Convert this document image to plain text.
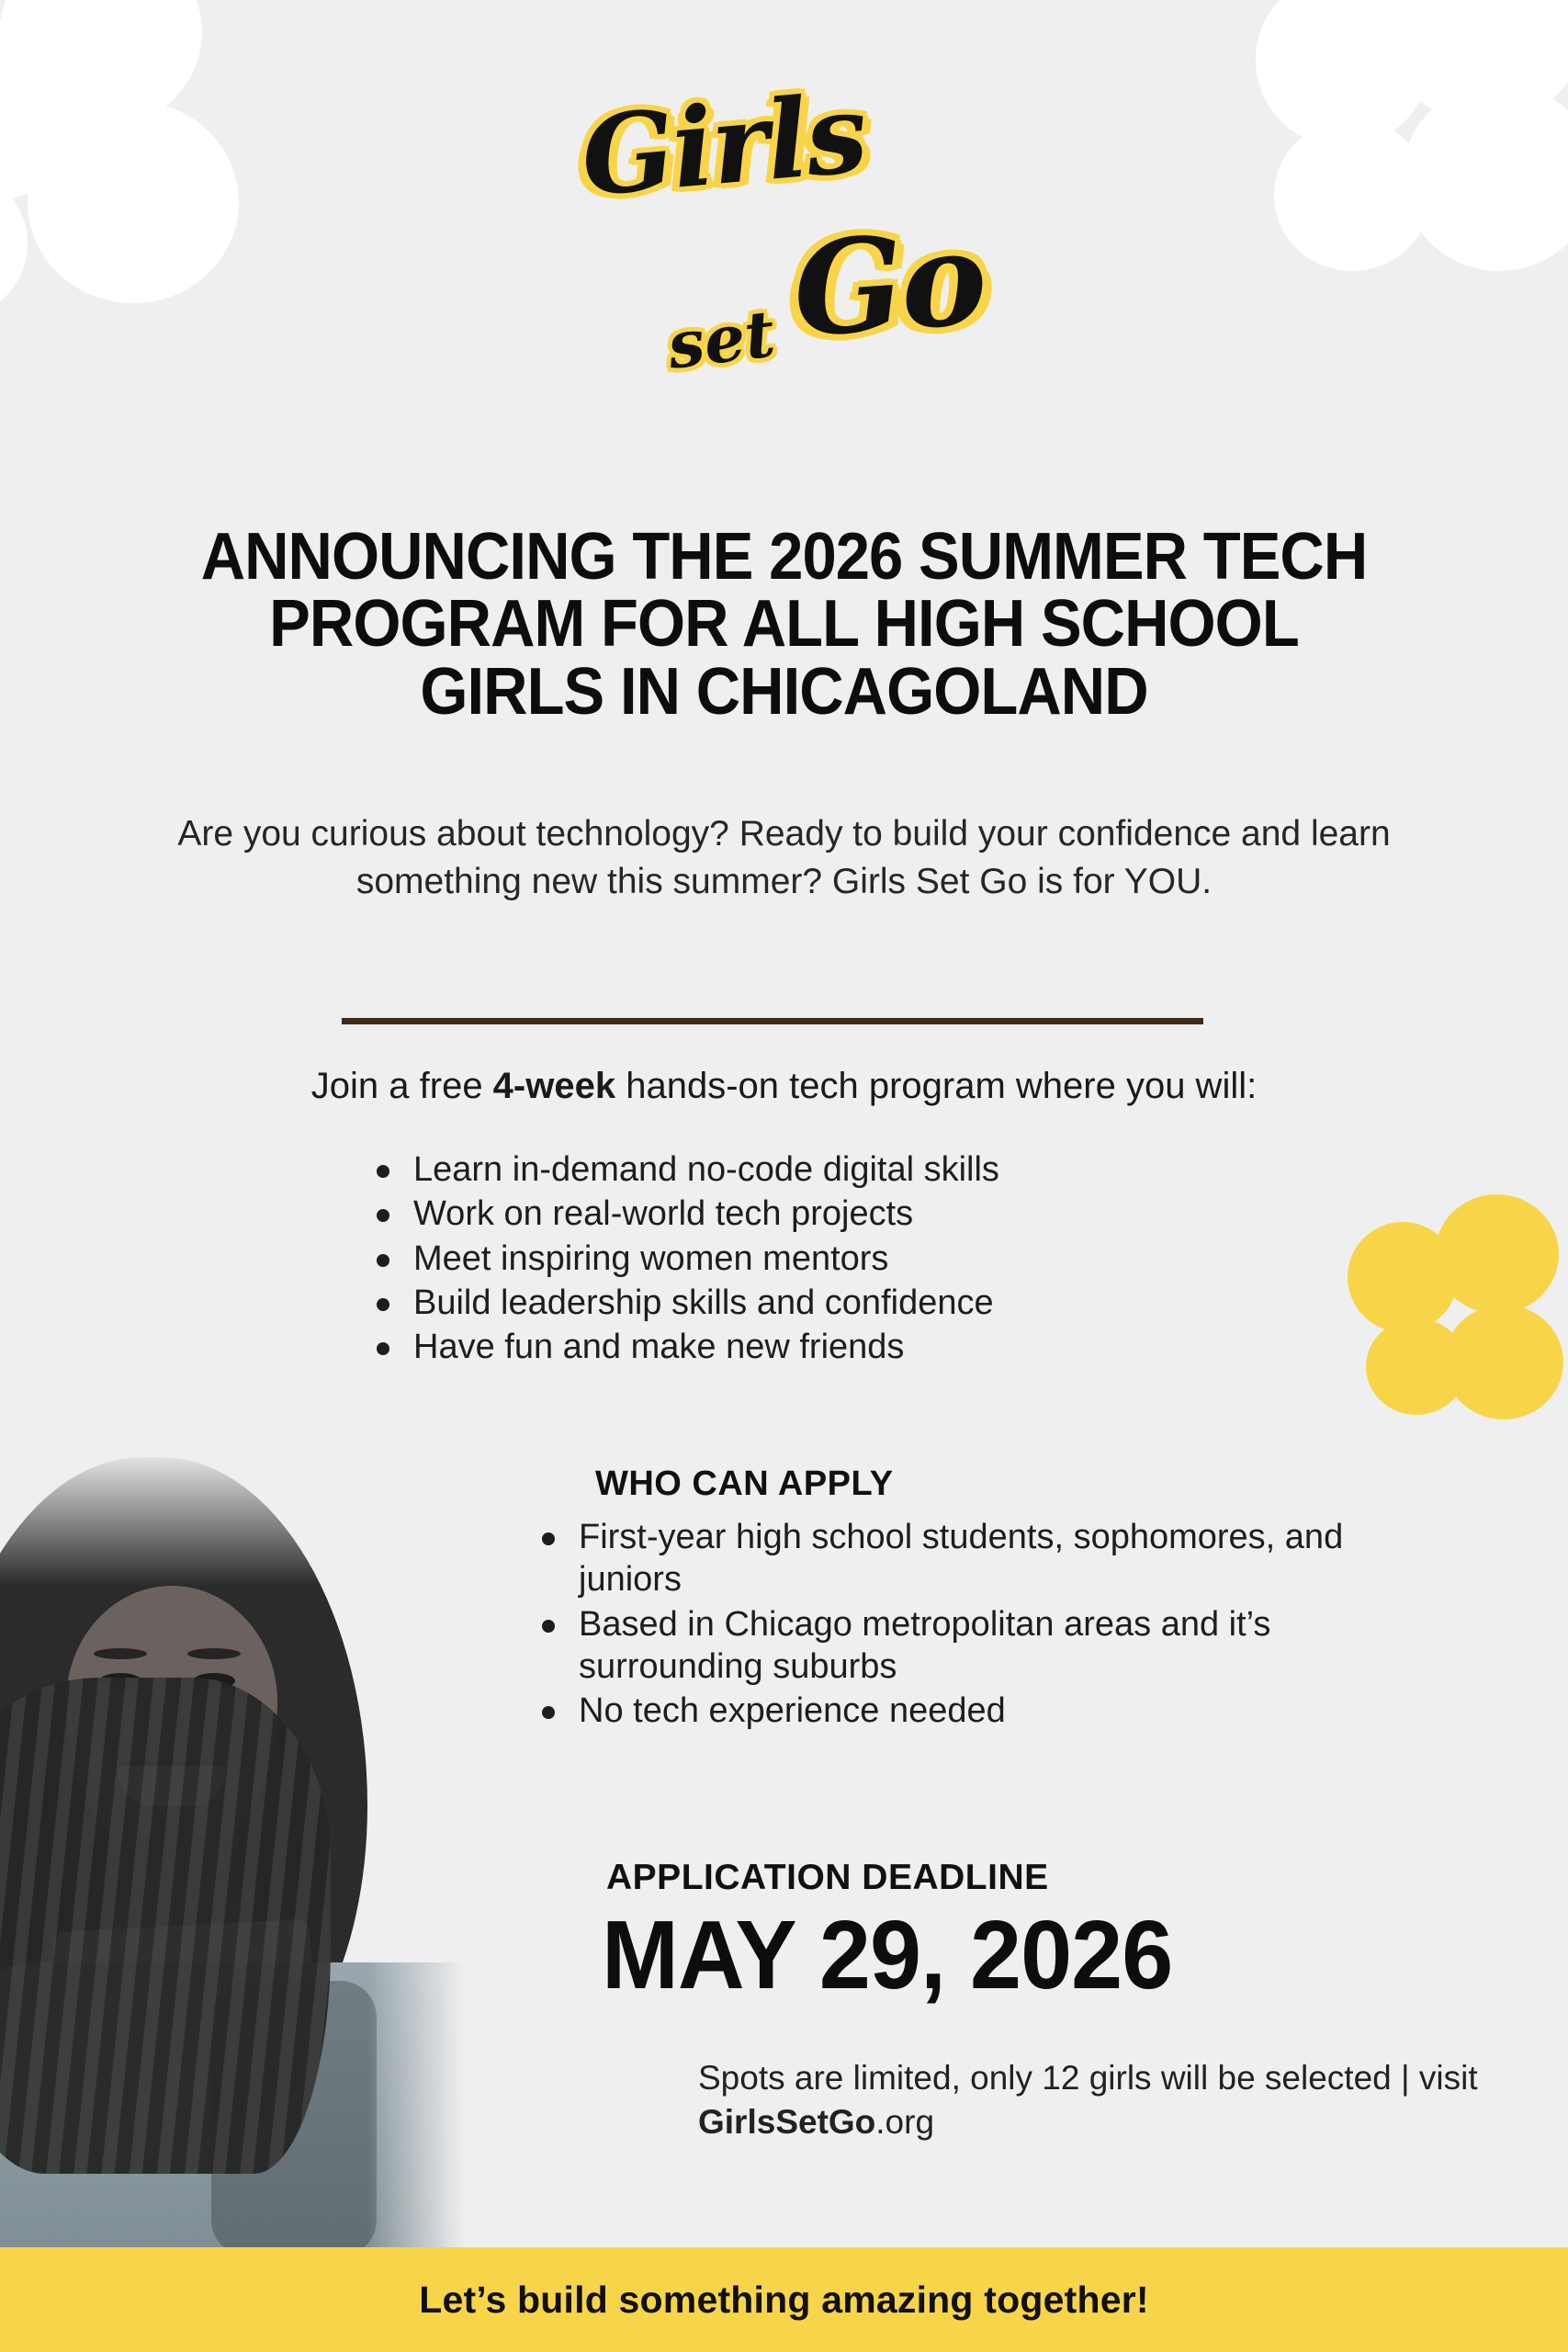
Girls
Go
set
ANNOUNCING THE 2026 SUMMER TECH PROGRAM FOR ALL HIGH SCHOOL GIRLS IN CHICAGOLAND
Are you curious about technology? Ready to build your confidence and learn something new this summer? Girls Set Go is for YOU.
Join a free 4-week hands-on tech program where you will:
Learn in-demand no-code digital skills
Work on real-world tech projects
Meet inspiring women mentors
Build leadership skills and confidence
Have fun and make new friends
WHO CAN APPLY
First-year high school students, sophomores, and juniors
Based in Chicago metropolitan areas and it’s surrounding suburbs
No tech experience needed
APPLICATION DEADLINE
MAY 29, 2026
Spots are limited, only 12 girls will be selected | visit GirlsSetGo.org
Let’s build something amazing together!
